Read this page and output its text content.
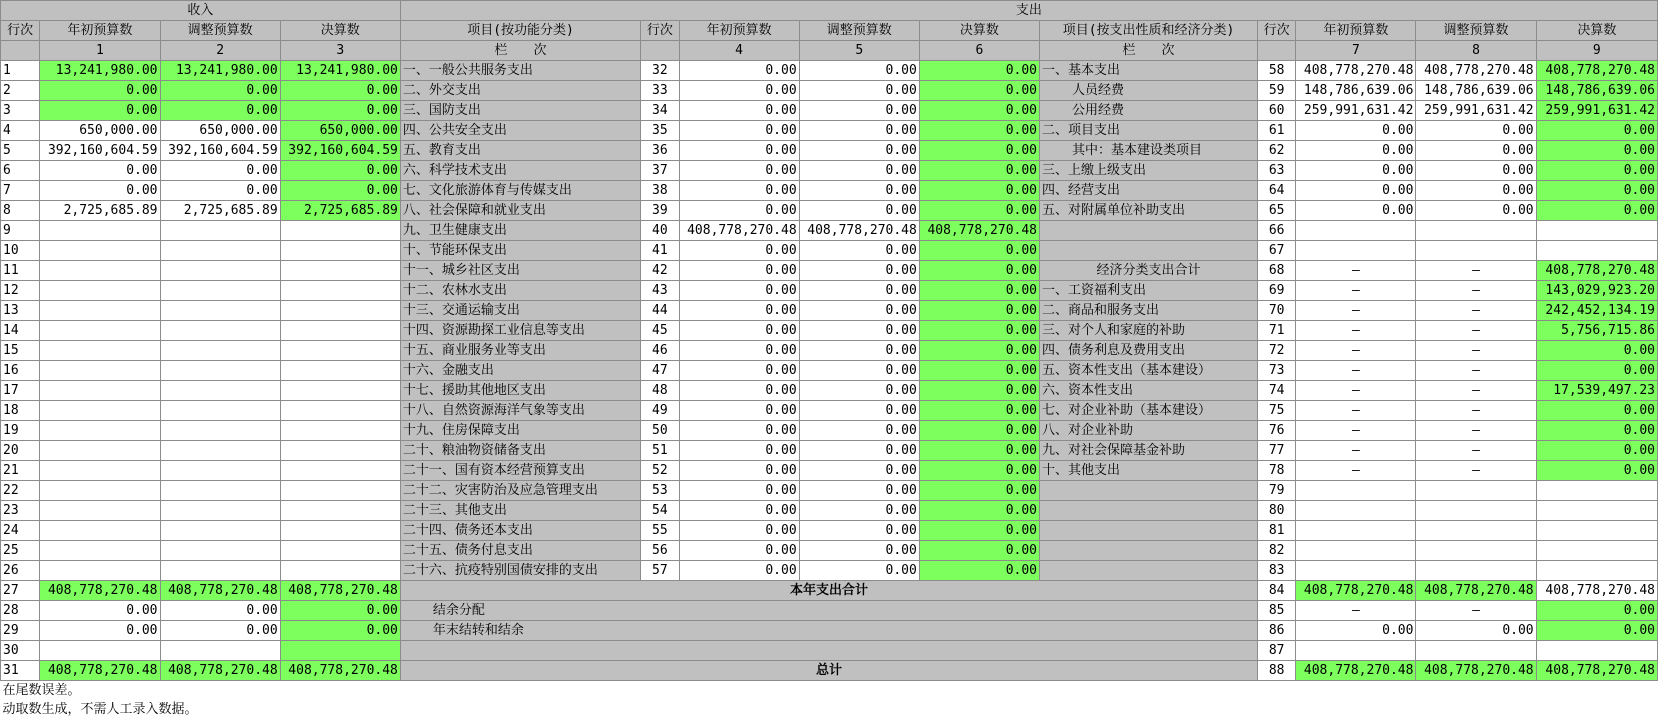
收入				支出									
行次	年初预算数	调整预算数	决算数	项目(按功能分类)	行次	年初预算数	调整预算数	决算数	项目(按支出性质和经济分类)	行次	年初预算数	调整预算数	决算数
	1	2	3	栏　　次		4	5	6	栏　　次		7	8	9
1	13,241,980.00	13,241,980.00	13,241,980.00	一、一般公共服务支出	32	0.00	0.00	0.00	一、基本支出	58	408,778,270.48	408,778,270.48	408,778,270.48
2	0.00	0.00	0.00	二、外交支出	33	0.00	0.00	0.00	人员经费	59	148,786,639.06	148,786,639.06	148,786,639.06
3	0.00	0.00	0.00	三、国防支出	34	0.00	0.00	0.00	公用经费	60	259,991,631.42	259,991,631.42	259,991,631.42
4	650,000.00	650,000.00	650,000.00	四、公共安全支出	35	0.00	0.00	0.00	二、项目支出	61	0.00	0.00	0.00
5	392,160,604.59	392,160,604.59	392,160,604.59	五、教育支出	36	0.00	0.00	0.00	其中：基本建设类项目	62	0.00	0.00	0.00
6	0.00	0.00	0.00	六、科学技术支出	37	0.00	0.00	0.00	三、上缴上级支出	63	0.00	0.00	0.00
7	0.00	0.00	0.00	七、文化旅游体育与传媒支出	38	0.00	0.00	0.00	四、经营支出	64	0.00	0.00	0.00
8	2,725,685.89	2,725,685.89	2,725,685.89	八、社会保障和就业支出	39	0.00	0.00	0.00	五、对附属单位补助支出	65	0.00	0.00	0.00
9				九、卫生健康支出	40	408,778,270.48	408,778,270.48	408,778,270.48		66			
10				十、节能环保支出	41	0.00	0.00	0.00		67			
11				十一、城乡社区支出	42	0.00	0.00	0.00	经济分类支出合计	68	—	—	408,778,270.48
12				十二、农林水支出	43	0.00	0.00	0.00	一、工资福利支出	69	—	—	143,029,923.20
13				十三、交通运输支出	44	0.00	0.00	0.00	二、商品和服务支出	70	—	—	242,452,134.19
14				十四、资源勘探工业信息等支出	45	0.00	0.00	0.00	三、对个人和家庭的补助	71	—	—	5,756,715.86
15				十五、商业服务业等支出	46	0.00	0.00	0.00	四、债务利息及费用支出	72	—	—	0.00
16				十六、金融支出	47	0.00	0.00	0.00	五、资本性支出（基本建设）	73	—	—	0.00
17				十七、援助其他地区支出	48	0.00	0.00	0.00	六、资本性支出	74	—	—	17,539,497.23
18				十八、自然资源海洋气象等支出	49	0.00	0.00	0.00	七、对企业补助（基本建设）	75	—	—	0.00
19				十九、住房保障支出	50	0.00	0.00	0.00	八、对企业补助	76	—	—	0.00
20				二十、粮油物资储备支出	51	0.00	0.00	0.00	九、对社会保障基金补助	77	—	—	0.00
21				二十一、国有资本经营预算支出	52	0.00	0.00	0.00	十、其他支出	78	—	—	0.00
22				二十二、灾害防治及应急管理支出	53	0.00	0.00	0.00		79			
23				二十三、其他支出	54	0.00	0.00	0.00		80			
24				二十四、债务还本支出	55	0.00	0.00	0.00		81			
25				二十五、债务付息支出	56	0.00	0.00	0.00		82			
26				二十六、抗疫特别国债安排的支出	57	0.00	0.00	0.00		83			
27	408,778,270.48	408,778,270.48	408,778,270.48	本年支出合计						84	408,778,270.48	408,778,270.48	408,778,270.48
28	0.00	0.00	0.00	结余分配						85	—	—	0.00
29	0.00	0.00	0.00	年末结转和结余						86	0.00	0.00	0.00
30										87			
31	408,778,270.48	408,778,270.48	408,778,270.48	总计						88	408,778,270.48	408,778,270.48	408,778,270.48
在尾数误差。													
动取数生成，不需人工录入数据。													
